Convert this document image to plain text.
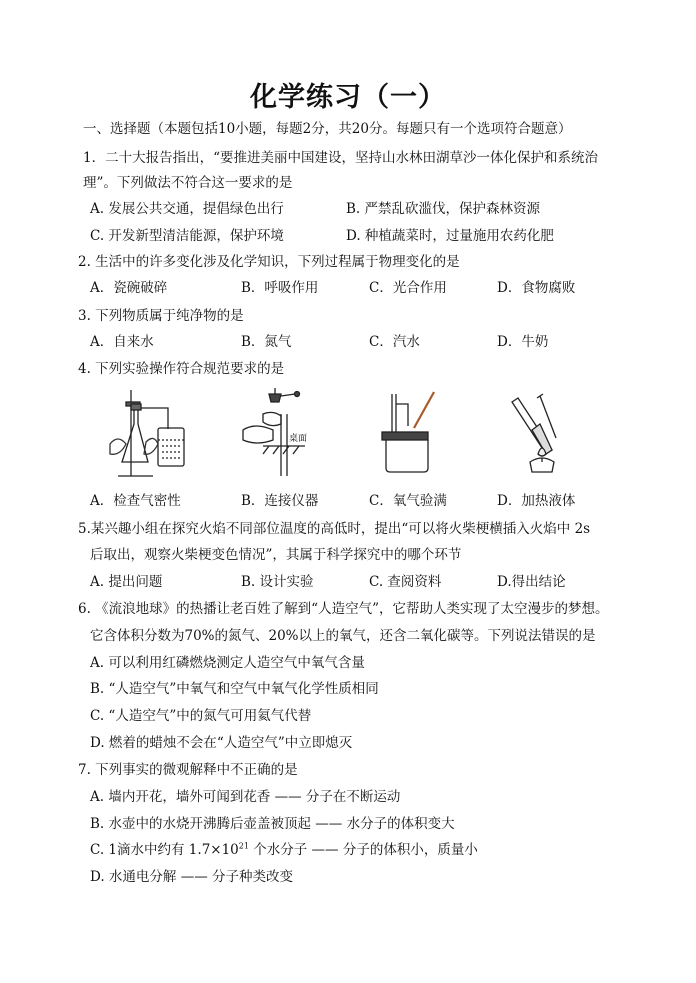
化学练习（一）
一、选择题（本题包括10小题，每题2分，共20分。每题只有一个选项符合题意）
1．二十大报告指出，“要推进美丽中国建设，坚持山水林田湖草沙一体化保护和系统治
理”。下列做法不符合这一要求的是
A. 发展公共交通，提倡绿色出行	B. 严禁乱砍滥伐，保护森林资源
C. 开发新型清洁能源，保护环境	D. 种植蔬菜时，过量施用农药化肥
2. 生活中的许多变化涉及化学知识，下列过程属于物理变化的是
A．瓷碗破碎	B．呼吸作用	C．光合作用	D．食物腐败
3. 下列物质属于纯净物的是
A．自来水	B．氮气	C．汽水	D．牛奶
4. 下列实验操作符合规范要求的是
桌面
A．检查气密性	B．连接仪器	C．氧气验满	D．加热液体
5.某兴趣小组在探究火焰不同部位温度的高低时，提出“可以将火柴梗横插入火焰中 2s
后取出，观察火柴梗变色情况”，其属于科学探究中的哪个环节
A. 提出问题	B. 设计实验	C. 查阅资料	D.得出结论
6. 《流浪地球》的热播让老百姓了解到“人造空气”，它帮助人类实现了太空漫步的梦想。
它含体积分数为70%的氮气、20%以上的氧气，还含二氧化碳等。下列说法错误的是
A. 可以利用红磷燃烧测定人造空气中氧气含量
B. “人造空气”中氧气和空气中氧气化学性质相同
C. “人造空气”中的氮气可用氦气代替
D. 燃着的蜡烛不会在“人造空气”中立即熄灭
7. 下列事实的微观解释中不正确的是
A. 墙内开花，墙外可闻到花香 —— 分子在不断运动
B. 水壶中的水烧开沸腾后壶盖被顶起 —— 水分子的体积变大
C. 1滴水中约有 $1.7\times 10^{21}$ 个水分子 —— 分子的体积小，质量小
D. 水通电分解 —— 分子种类改变
